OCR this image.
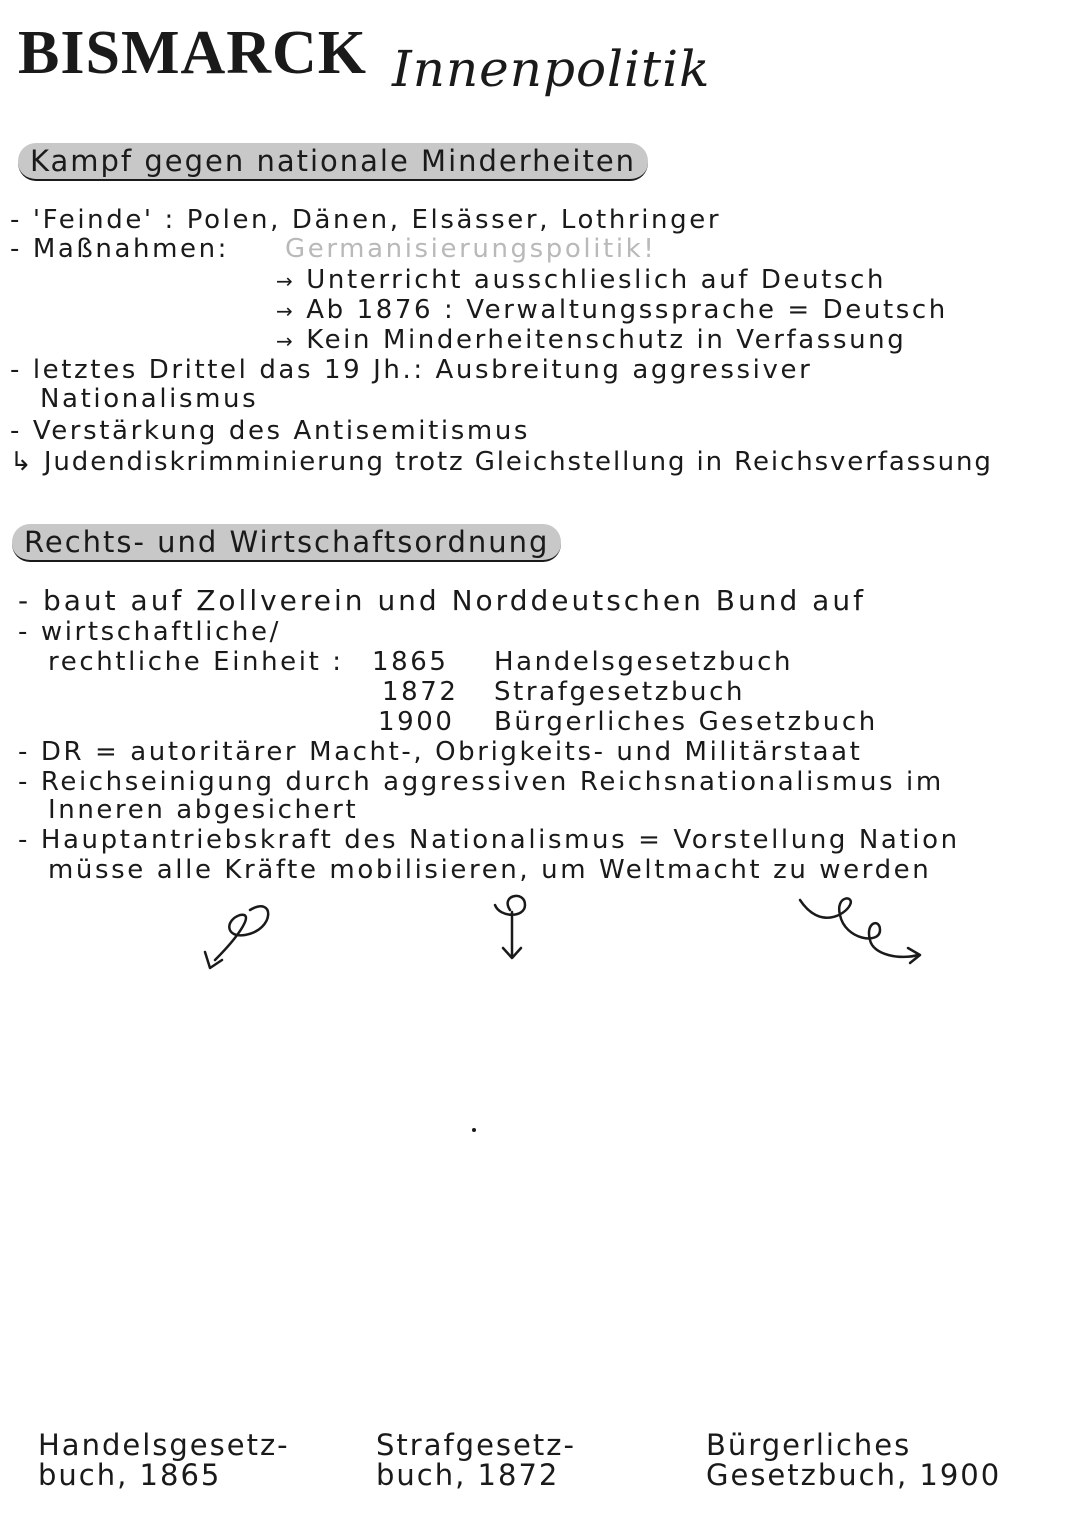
BISMARCK Innenpolitik
Kampf gegen nationale Minderheiten
- 'Feinde' : Polen, Dänen, Elsässer, Lothringer
- Maßnahmen: Germanisierungspolitik!
→ Unterricht ausschlieslich auf Deutsch
→ Ab 1876 : Verwaltungssprache = Deutsch
→ Kein Minderheitenschutz in Verfassung
- letztes Drittel das 19 Jh.: Ausbreitung aggressiver
Nationalismus
- Verstärkung des Antisemitismus
↳ Judendiskrimminierung trotz Gleichstellung in Reichsverfassung
Rechts- und Wirtschaftsordnung
- baut auf Zollverein und Norddeutschen Bund auf
- wirtschaftliche/
rechtliche Einheit : 1865 Handelsgesetzbuch
1872 Strafgesetzbuch
1900 Bürgerliches Gesetzbuch
- DR = autoritärer Macht-, Obrigkeits- und Militärstaat
- Reichseinigung durch aggressiven Reichsnationalismus im
Inneren abgesichert
- Hauptantriebskraft des Nationalismus = Vorstellung Nation
müsse alle Kräfte mobilisieren, um Weltmacht zu werden
Handelsgesetz-
buch, 1865
Strafgesetz-
buch, 1872
Bürgerliches
Gesetzbuch, 1900
